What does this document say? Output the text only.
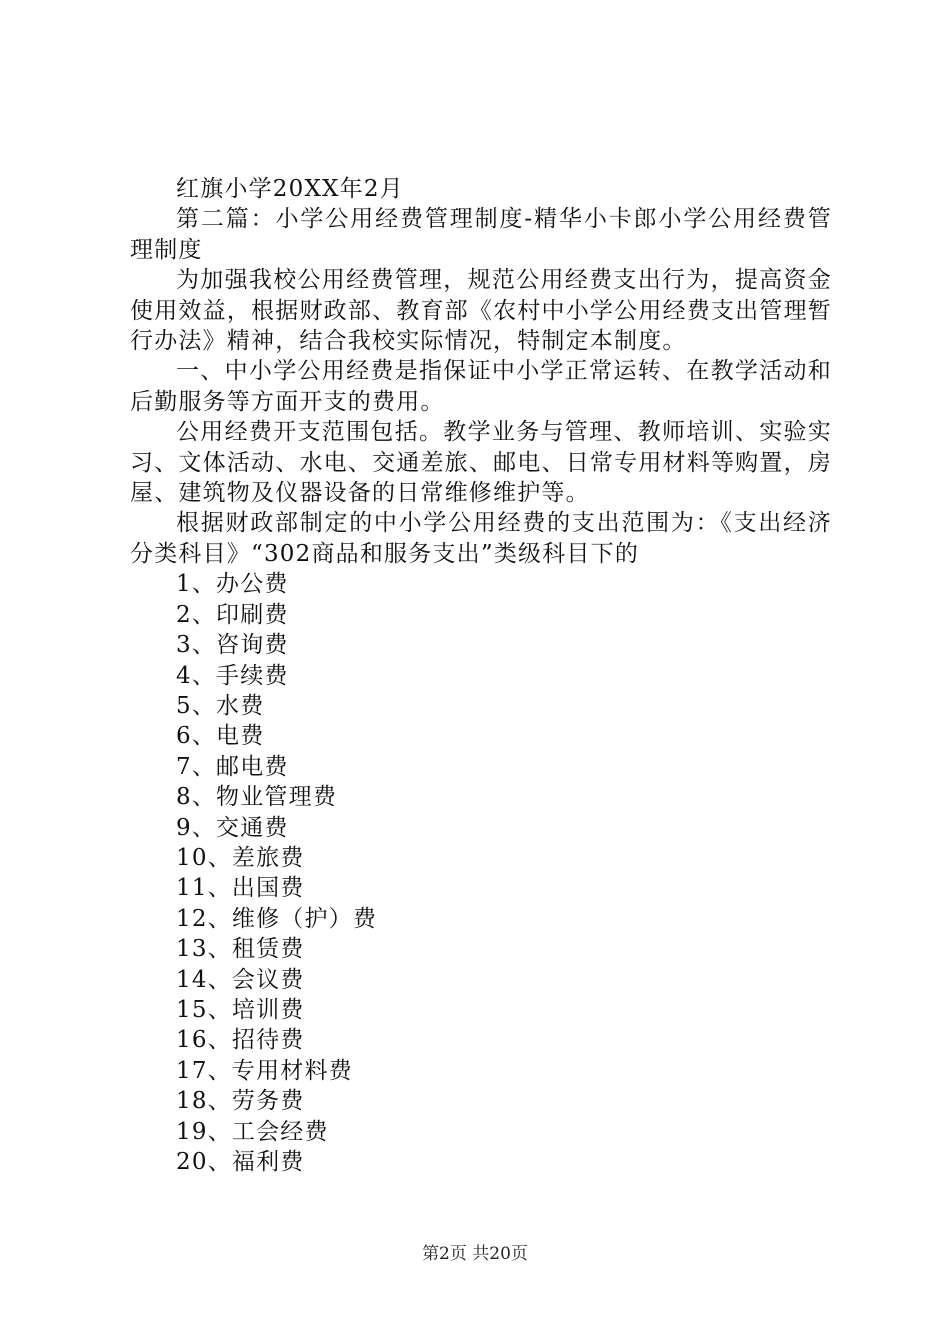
红旗小学20XX年2月

第二篇：小学公用经费管理制度-精华小卡郎小学公用经费管理制度

为加强我校公用经费管理，规范公用经费支出行为，提高资金使用效益，根据财政部、教育部《农村中小学公用经费支出管理暂行办法》精神，结合我校实际情况，特制定本制度。

一、中小学公用经费是指保证中小学正常运转、在教学活动和后勤服务等方面开支的费用。

公用经费开支范围包括。教学业务与管理、教师培训、实验实习、文体活动、水电、交通差旅、邮电、日常专用材料等购置，房屋、建筑物及仪器设备的日常维修维护等。

根据财政部制定的中小学公用经费的支出范围为：《支出经济分类科目》“302商品和服务支出”类级科目下的

1、办公费
2、印刷费
3、咨询费
4、手续费
5、水费
6、电费
7、邮电费
8、物业管理费
9、交通费
10、差旅费
11、出国费
12、维修（护）费
13、租赁费
14、会议费
15、培训费
16、招待费
17、专用材料费
18、劳务费
19、工会经费
20、福利费
第2页 共20页
